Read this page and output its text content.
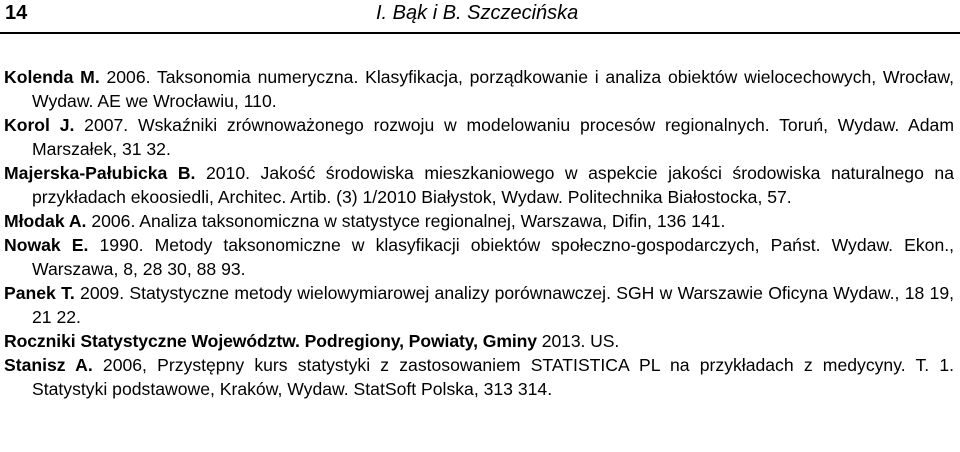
14	I. Bąk i B. Szczecińska
Kolenda M. 2006. Taksonomia numeryczna. Klasyfikacja, porządkowanie i analiza obiektów wielocechowych, Wrocław, Wydaw. AE we Wrocławiu, 110.
Korol J. 2007. Wskaźniki zrównoważonego rozwoju w modelowaniu procesów regionalnych. Toruń, Wydaw. Adam Marszałek, 31 32.
Majerska-Pałubicka B. 2010. Jakość środowiska mieszkaniowego w aspekcie jakości środowiska naturalnego na przykładach ekoosiedli, Architec. Artib. (3) 1/2010 Białystok, Wydaw. Politechnika Białostocka, 57.
Młodak A. 2006. Analiza taksonomiczna w statystyce regionalnej, Warszawa, Difin, 136 141.
Nowak E. 1990. Metody taksonomiczne w klasyfikacji obiektów społeczno-gospodarczych, Państ. Wydaw. Ekon., Warszawa, 8, 28 30, 88 93.
Panek T. 2009. Statystyczne metody wielowymiarowej analizy porównawczej. SGH w Warszawie Oficyna Wydaw., 18 19, 21 22.
Roczniki Statystyczne Województw. Podregiony, Powiaty, Gminy 2013. US.
Stanisz A. 2006, Przystępny kurs statystyki z zastosowaniem STATISTICA PL na przykładach z medycyny. T. 1. Statystyki podstawowe, Kraków, Wydaw. StatSoft Polska, 313 314.
